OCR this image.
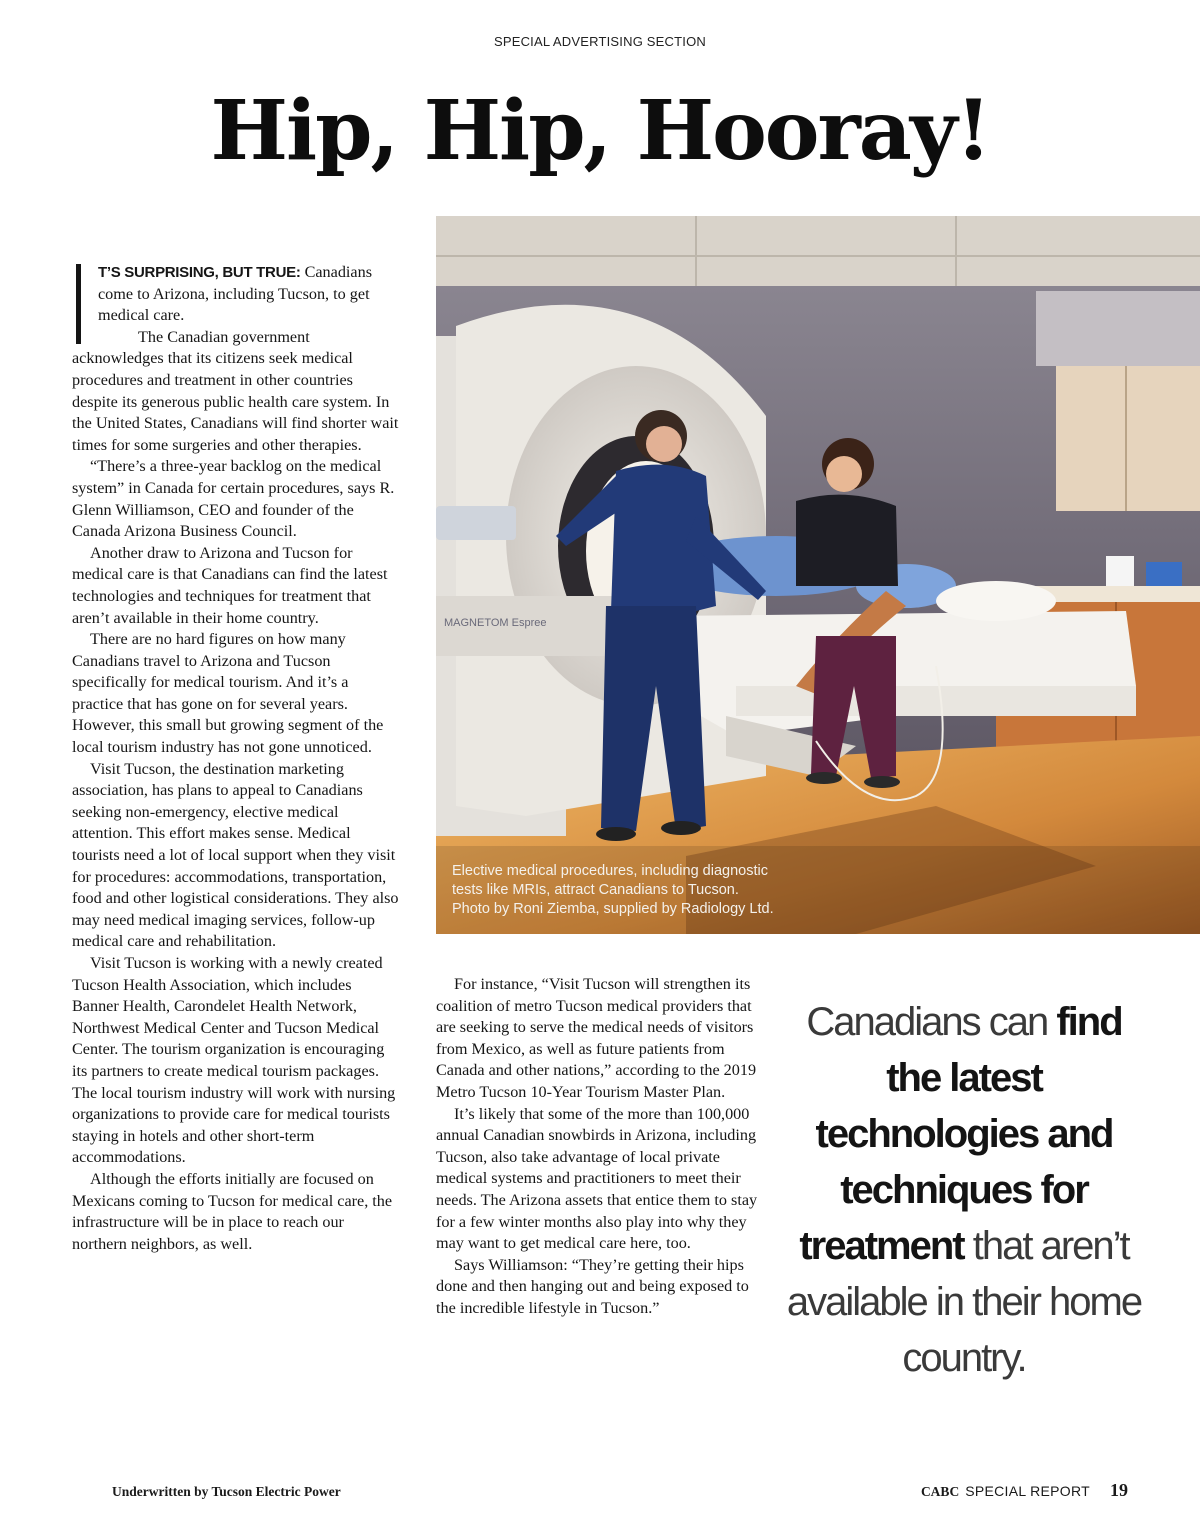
SPECIAL ADVERTISING SECTION
Hip, Hip, Hooray!

T’S SURPRISING, BUT TRUE: Canadians come to Arizona, including Tucson, to get medical care.

The Canadian government acknowledges that its citizens seek medical procedures and treatment in other countries despite its generous public health care system. In the United States, Canadians will find shorter wait times for some surgeries and other therapies.

“There’s a three-year backlog on the medical system” in Canada for certain procedures, says R. Glenn Williamson, CEO and founder of the Canada Arizona Business Council.

Another draw to Arizona and Tucson for medical care is that Canadians can find the latest technologies and techniques for treatment that aren’t available in their home country.

There are no hard figures on how many Canadians travel to Arizona and Tucson specifically for medical tourism. And it’s a practice that has gone on for several years. However, this small but growing segment of the local tourism industry has not gone unnoticed.

Visit Tucson, the destination marketing association, has plans to appeal to Canadians seeking non-emergency, elective medical attention. This effort makes sense. Medical tourists need a lot of local support when they visit for procedures: accommodations, transportation, food and other logistical considerations. They also may need medical imaging services, follow-up medical care and rehabilitation.

Visit Tucson is working with a newly created Tucson Health Association, which includes Banner Health, Carondelet Health Network, Northwest Medical Center and Tucson Medical Center. The tourism organization is encouraging its partners to create medical tourism packages. The local tourism industry will work with nursing organizations to provide care for medical tourists staying in hotels and other short-term accommodations.

Although the efforts initially are focused on Mexicans coming to Tucson for medical care, the infrastructure will be in place to reach our northern neighbors, as well.

MAGNETOM Espree
Elective medical procedures, including diagnostic
tests like MRIs, attract Canadians to Tucson.
Photo by Roni Ziemba, supplied by Radiology Ltd.

For instance, “Visit Tucson will strengthen its coalition of metro Tucson medical providers that are seeking to serve the medical needs of visitors from Mexico, as well as future patients from Canada and other nations,” according to the 2019 Metro Tucson 10-Year Tourism Master Plan.

It’s likely that some of the more than 100,000 annual Canadian snowbirds in Arizona, including Tucson, also take advantage of local private medical systems and practitioners to meet their needs. The Arizona assets that entice them to stay for a few winter months also play into why they may want to get medical care here, too.

Says Williamson: “They’re getting their hips done and then hanging out and being exposed to the incredible lifestyle in Tucson.”

Canadians can find the latest technologies and techniques for treatment that aren’t available in their home country.
Underwritten by Tucson Electric Power	CABC SPECIAL REPORT 19
